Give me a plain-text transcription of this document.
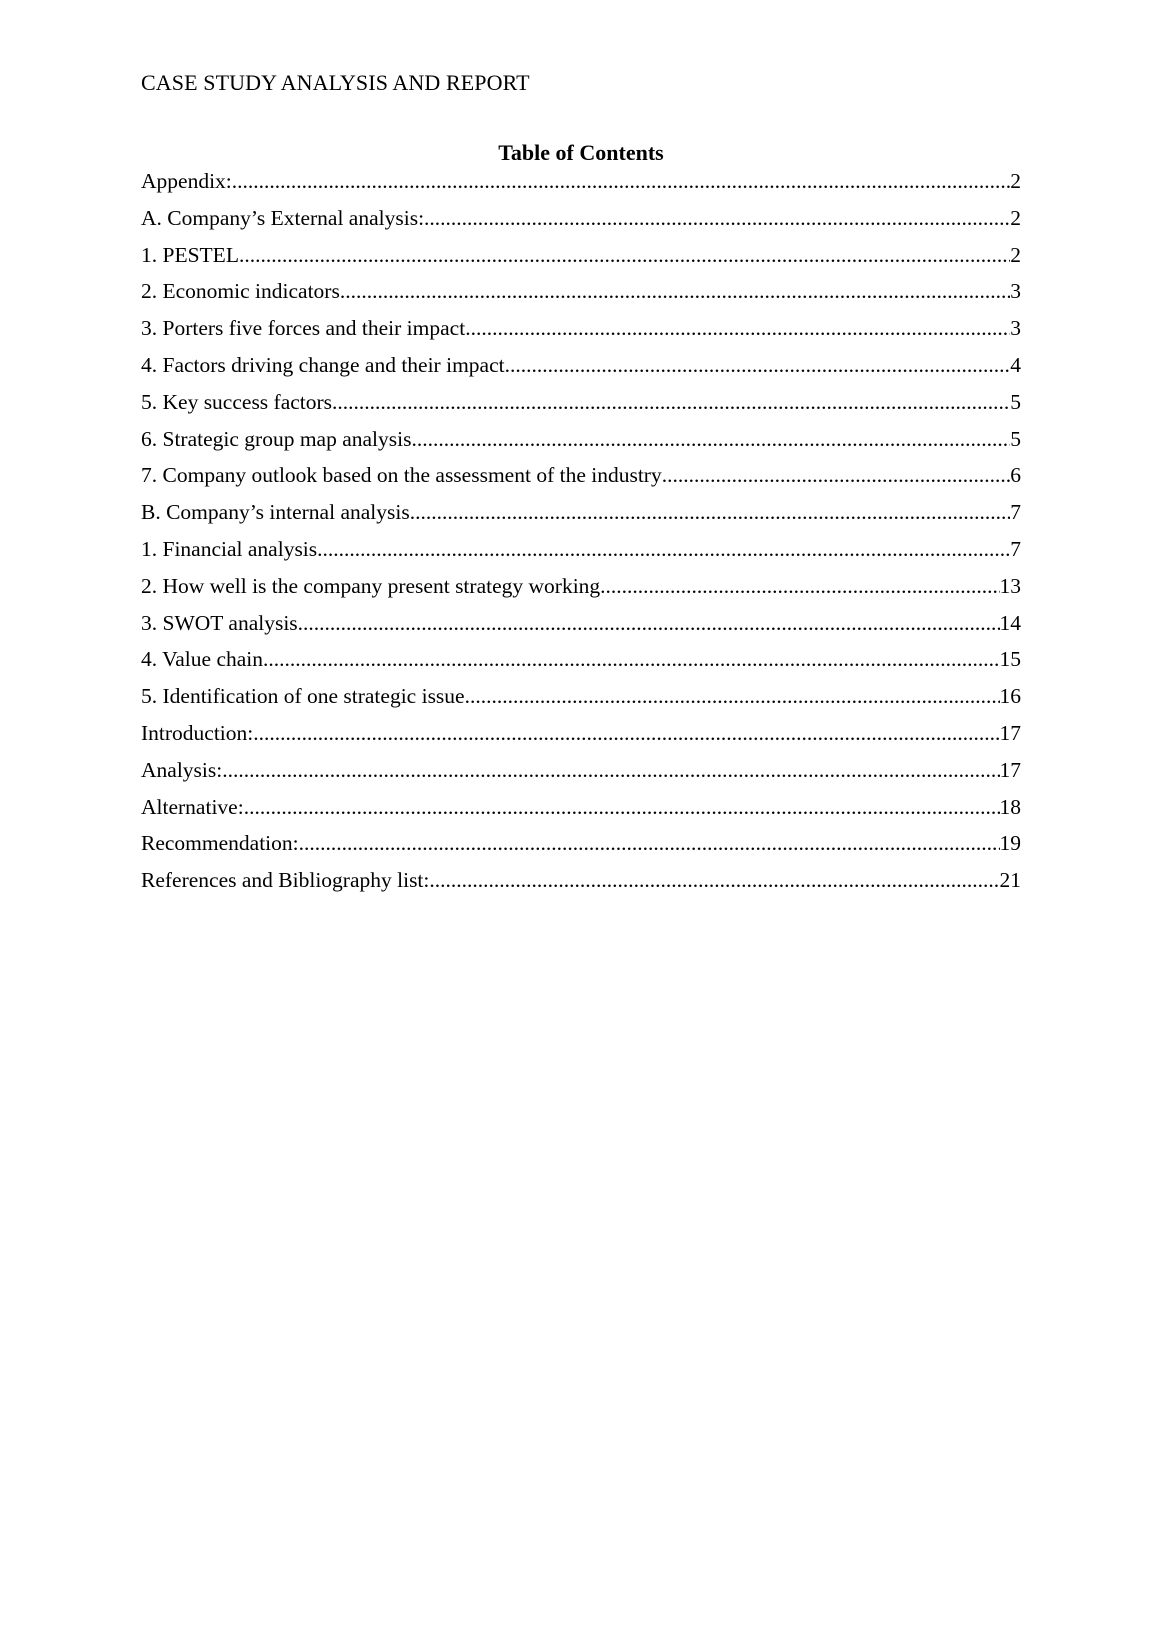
CASE STUDY ANALYSIS AND REPORT
Table of Contents
Appendix: .....	2
A. Company’s External analysis: .....	2
1. PESTEL .....	2
2. Economic indicators .....	3
3. Porters five forces and their impact .....	3
4. Factors driving change and their impact .....	4
5. Key success factors .....	5
6. Strategic group map analysis .....	5
7. Company outlook based on the assessment of the industry .....	6
B. Company’s internal analysis .....	7
1. Financial analysis .....	7
2. How well is the company present strategy working .....	13
3. SWOT analysis .....	14
4. Value chain .....	15
5. Identification of one strategic issue .....	16
Introduction: .....	17
Analysis: .....	17
Alternative: .....	18
Recommendation: .....	19
References and Bibliography list: .....	21
